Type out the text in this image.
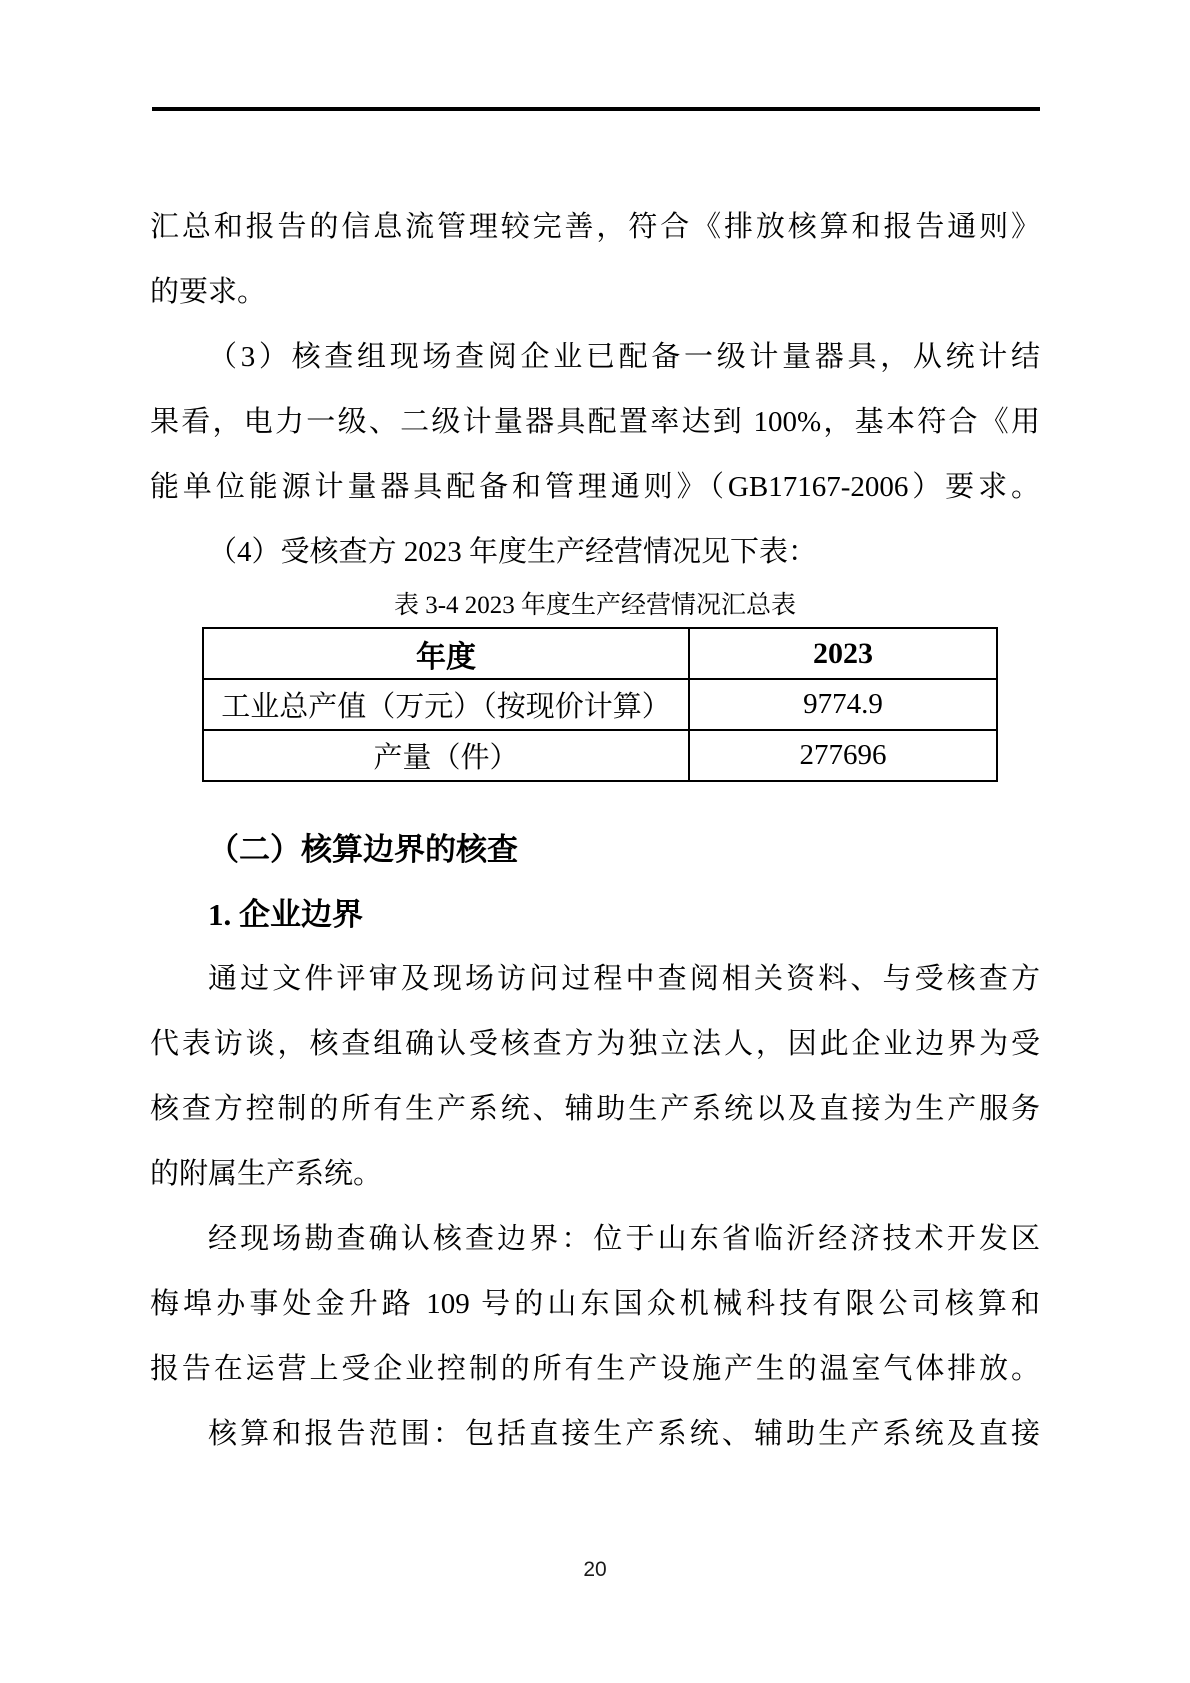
汇总和报告的信息流管理较完善，符合《排放核算和报告通则》
的要求。
（3）核查组现场查阅企业已配备一级计量器具，从统计结
果看，电力一级、二级计量器具配置率达到 100%，基本符合《用
能单位能源计量器具配备和管理通则》（GB17167-2006）要求。
（4）受核查方 2023 年度生产经营情况见下表：
表 3-4 2023 年度生产经营情况汇总表
年度	2023
工业总产值（万元）（按现价计算）	9774.9
产量（件）	277696
（二）核算边界的核查
1. 企业边界
通过文件评审及现场访问过程中查阅相关资料、与受核查方
代表访谈，核查组确认受核查方为独立法人，因此企业边界为受
核查方控制的所有生产系统、辅助生产系统以及直接为生产服务
的附属生产系统。
经现场勘查确认核查边界：位于山东省临沂经济技术开发区
梅埠办事处金升路 109 号的山东国众机械科技有限公司核算和
报告在运营上受企业控制的所有生产设施产生的温室气体排放。
核算和报告范围：包括直接生产系统、辅助生产系统及直接
20
